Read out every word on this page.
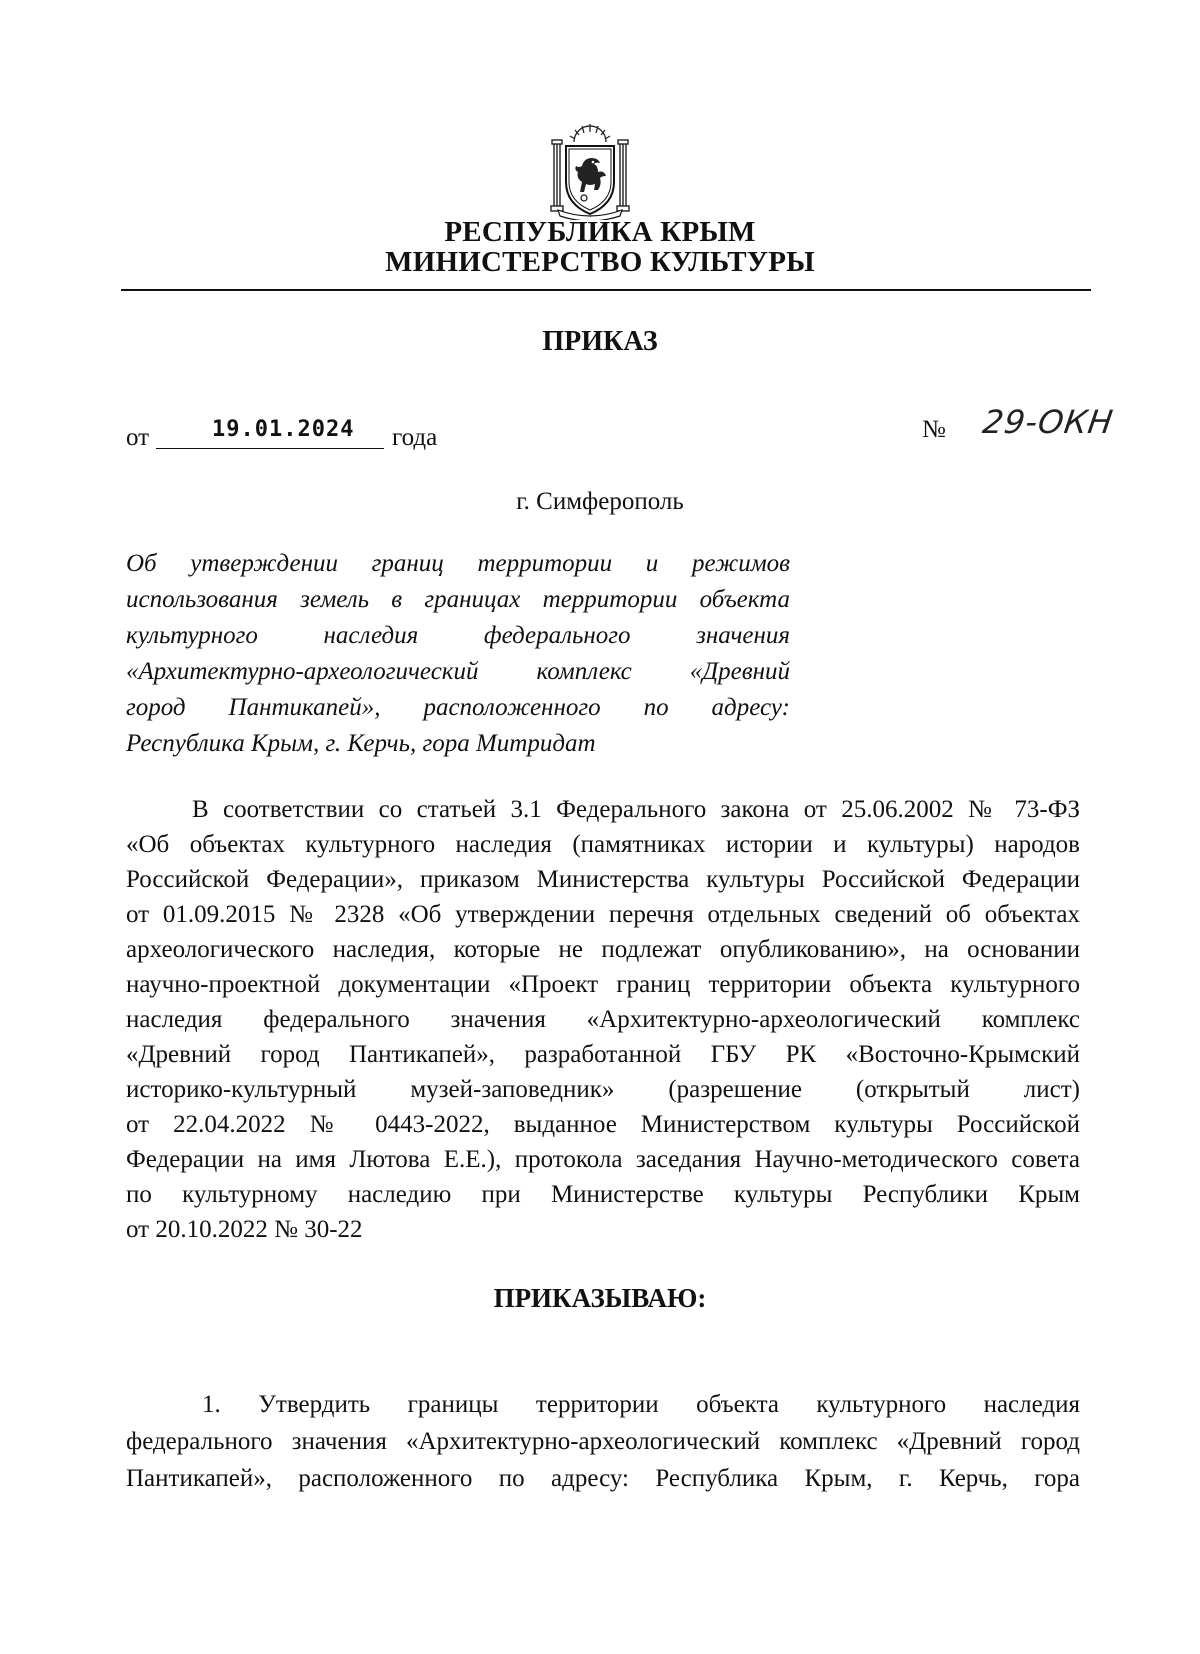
РЕСПУБЛИКА КРЫМ
МИНИСТЕРСТВО КУЛЬТУРЫ
ПРИКАЗ
от	19.01.2024 года	№ 29-ОКН
г. Симферополь
Об утверждении границ территории и режимов
использования земель в границах территории объекта
культурного наследия федерального значения
«Архитектурно-археологический комплекс «Древний
город Пантикапей», расположенного по адресу:
Республика Крым, г. Керчь, гора Митридат
В соответствии со статьей 3.1 Федерального закона от 25.06.2002 № 73-ФЗ
«Об объектах культурного наследия (памятниках истории и культуры) народов
Российской Федерации», приказом Министерства культуры Российской Федерации
от 01.09.2015 № 2328 «Об утверждении перечня отдельных сведений об объектах
археологического наследия, которые не подлежат опубликованию», на основании
научно-проектной документации «Проект границ территории объекта культурного
наследия федерального значения «Архитектурно-археологический комплекс
«Древний город Пантикапей», разработанной ГБУ РК «Восточно-Крымский
историко-культурный музей-заповедник» (разрешение (открытый лист)
от 22.04.2022 № 0443-2022, выданное Министерством культуры Российской
Федерации на имя Лютова Е.Е.), протокола заседания Научно-методического совета
по культурному наследию при Министерстве культуры Республики Крым
от 20.10.2022 № 30-22
ПРИКАЗЫВАЮ:
1. Утвердить границы территории объекта культурного наследия
федерального значения «Архитектурно-археологический комплекс «Древний город
Пантикапей», расположенного по адресу: Республика Крым, г. Керчь, гора
